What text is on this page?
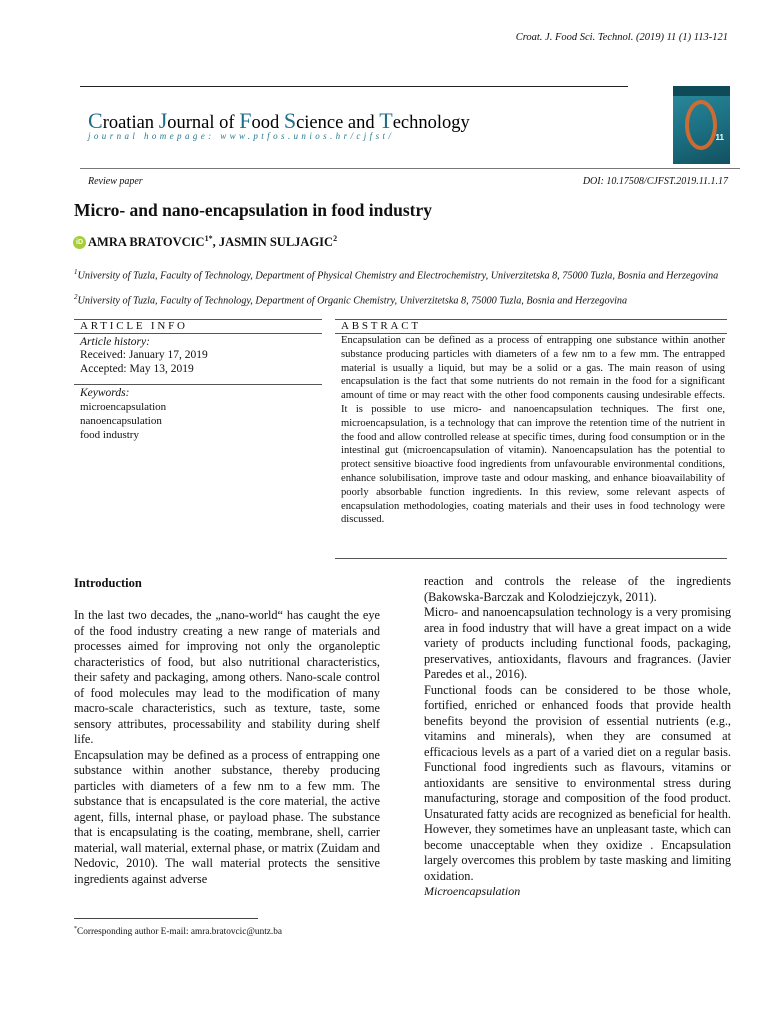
Croat. J. Food Sci. Technol. (2019) 11 (1) 113-121
Croatian Journal of Food Science and Technology
journal homepage: www.ptfos.unios.hr/cjfst/	11
Review paper	DOI: 10.17508/CJFST.2019.11.1.17
Micro- and nano-encapsulation in food industry
iD AMRA $BRATOVCIC^{1*}$, JASMIN SULJAGIC$^2$
$^1$University of Tuzla, Faculty of Technology, Department of Physical Chemistry and Electrochemistry, Univerzitetska 8, 75000 Tuzla, Bosnia and Herzegovina
$^2$University of Tuzla, Faculty of Technology, Department of Organic Chemistry, Univerzitetska 8, 75000 Tuzla, Bosnia and Herzegovina
ARTICLE INFO
Article history:
Received: January 17, 2019
Accepted: May 13, 2019
Keywords:
microencapsulation
nanoencapsulation
food industry
ABSTRACT
Encapsulation can be defined as a process of entrapping one substance within another substance producing particles with diameters of a few nm to a few mm. The entrapped material is usually a liquid, but may be a solid or a gas. The main reason of using encapsulation is the fact that some nutrients do not remain in the food for a significant amount of time or may react with the other food components causing undesirable effects. It is possible to use micro- and nanoencapsulation techniques. The first one, microencapsulation, is a technology that can improve the retention time of the nutrient in the food and allow controlled release at specific times, during food consumption or in the intestinal gut (microencapsulation of vitamin). Nanoencapsulation has the potential to protect sensitive bioactive food ingredients from unfavourable environmental conditions, enhance solubilisation, improve taste and odour masking, and enhance bioavailability of poorly absorbable function ingredients. In this review, some relevant aspects of encapsulation methodologies, coating materials and their uses in food technology were discussed.
Introduction

In the last two decades, the „nano-world“ has caught the eye of the food industry creating a new range of materials and processes aimed for improving not only the organoleptic characteristics of food, but also nutritional characteristics, their safety and packaging, among others. Nano-scale control of food molecules may lead to the modification of many macro-scale characteristics, such as texture, taste, some sensory attributes, processability and stability during shelf life.

Encapsulation may be defined as a process of entrapping one substance within another substance, thereby producing particles with diameters of a few nm to a few mm. The substance that is encapsulated is the core material, the active agent, fills, internal phase, or payload phase. The substance that is encapsulating is the coating, membrane, shell, carrier material, wall material, external phase, or matrix (Zuidam and Nedovic, 2010). The wall material protects the sensitive ingredients against adverse

reaction and controls the release of the ingredients (Bakowska-Barczak and Kolodziejczyk, 2011).

Micro- and nanoencapsulation technology is a very promising area in food industry that will have a great impact on a wide variety of products including functional foods, packaging, preservatives, antioxidants, flavours and fragrances. (Javier Paredes et al., 2016).

Functional foods can be considered to be those whole, fortified, enriched or enhanced foods that provide health benefits beyond the provision of essential nutrients (e.g., vitamins and minerals), when they are consumed at efficacious levels as a part of a varied diet on a regular basis. Functional food ingredients such as flavours, vitamins or antioxidants are sensitive to environmental stress during manufacturing, storage and composition of the food product. Unsaturated fatty acids are recognized as beneficial for health. However, they sometimes have an unpleasant taste, which can become unacceptable when they oxidize . Encapsulation largely overcomes this problem by taste masking and limiting oxidation.

Microencapsulation

*Corresponding author E-mail: amra.bratovcic@untz.ba
